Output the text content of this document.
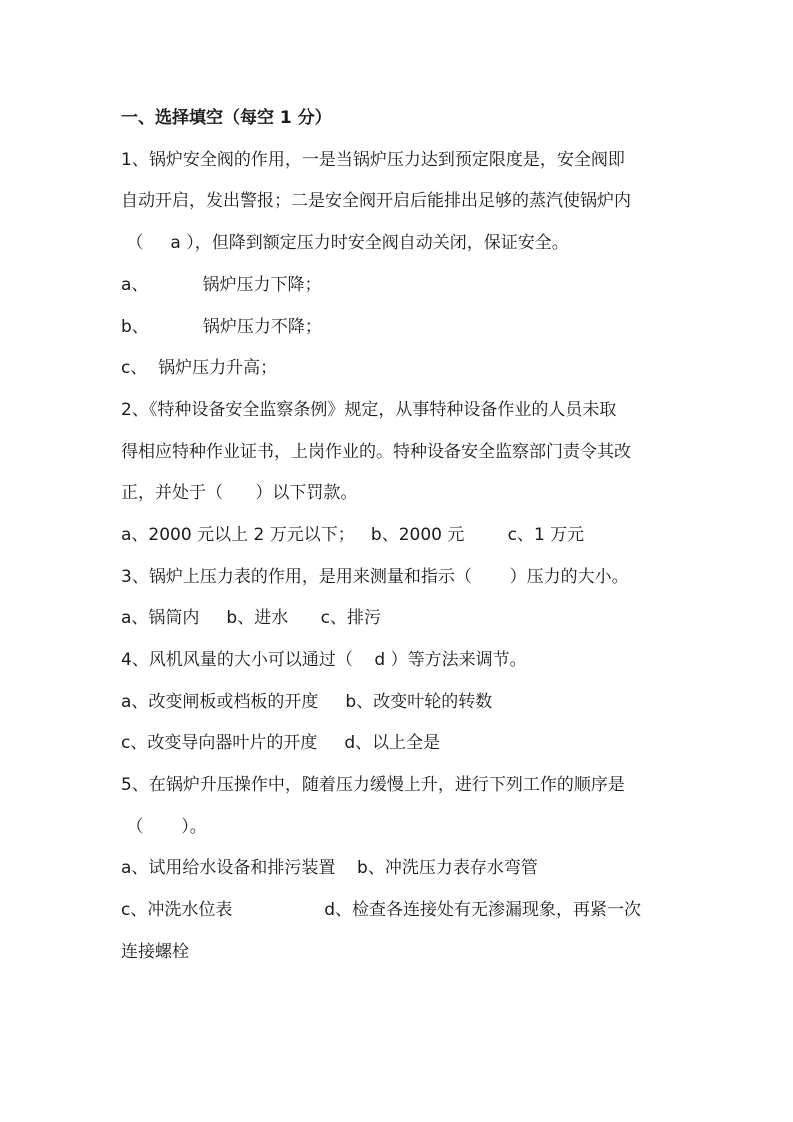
一、选择填空（每空 1 分）
1、锅炉安全阀的作用，一是当锅炉压力达到预定限度是，安全阀即
自动开启，发出警报；二是安全阀开启后能排出足够的蒸汽使锅炉内
（     a ），但降到额定压力时安全阀自动关闭，保证安全。
a、          锅炉压力下降；
b、          锅炉压力不降；
c、  锅炉压力升高；
2、《特种设备安全监察条例》规定，从事特种设备作业的人员未取
得相应特种作业证书，上岗作业的。特种设备安全监察部门责令其改
正，并处于（      ）以下罚款。
a、2000 元以上 2 万元以下；   b、2000 元        c、1 万元
3、锅炉上压力表的作用，是用来测量和指示（       ）压力的大小。
a、锅筒内     b、进水      c、排污
4、风机风量的大小可以通过（    d ）等方法来调节。
a、改变闸板或档板的开度     b、改变叶轮的转数
c、改变导向器叶片的开度     d、以上全是
5、在锅炉升压操作中，随着压力缓慢上升，进行下列工作的顺序是
（       ）。
a、试用给水设备和排污装置    b、冲洗压力表存水弯管
c、冲洗水位表                 d、检查各连接处有无渗漏现象，再紧一次
连接螺栓
